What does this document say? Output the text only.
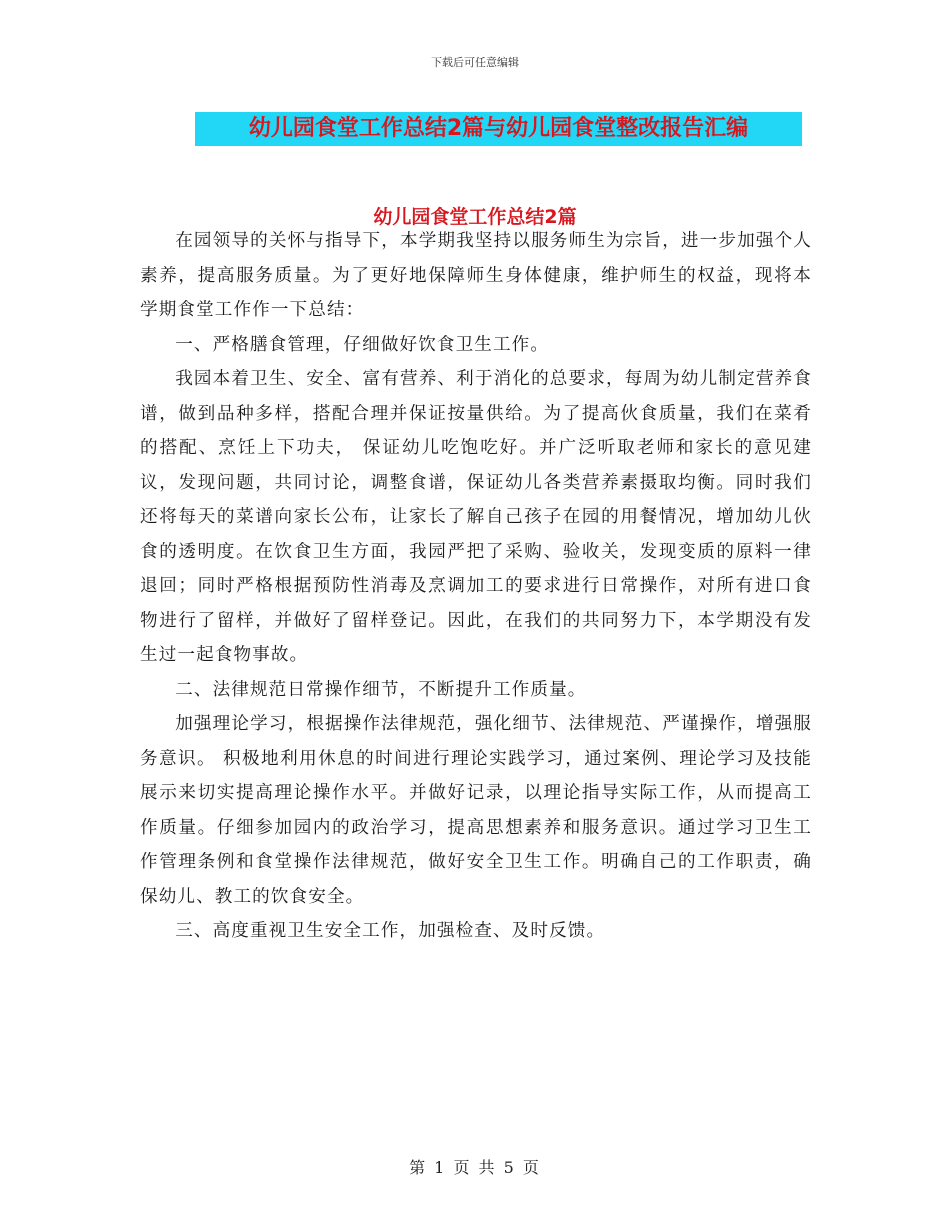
下载后可任意编辑
幼儿园食堂工作总结2篇与幼儿园食堂整改报告汇编
幼儿园食堂工作总结2篇

在园领导的关怀与指导下，本学期我坚持以服务师生为宗旨，进一步加强个人素养，提高服务质量。为了更好地保障师生身体健康，维护师生的权益，现将本学期食堂工作作一下总结：

一、严格膳食管理，仔细做好饮食卫生工作。

我园本着卫生、安全、富有营养、利于消化的总要求，每周为幼儿制定营养食谱，做到品种多样，搭配合理并保证按量供给。为了提高伙食质量，我们在菜肴的搭配、烹饪上下功夫， 保证幼儿吃饱吃好。并广泛听取老师和家长的意见建议，发现问题，共同讨论，调整食谱，保证幼儿各类营养素摄取均衡。同时我们还将每天的菜谱向家长公布，让家长了解自己孩子在园的用餐情况，增加幼儿伙食的透明度。在饮食卫生方面，我园严把了采购、验收关，发现变质的原料一律退回；同时严格根据预防性消毒及烹调加工的要求进行日常操作，对所有进口食物进行了留样，并做好了留样登记。因此，在我们的共同努力下，本学期没有发生过一起食物事故。

二、法律规范日常操作细节，不断提升工作质量。

加强理论学习，根据操作法律规范，强化细节、法律规范、严谨操作，增强服务意识。 积极地利用休息的时间进行理论实践学习，通过案例、理论学习及技能展示来切实提高理论操作水平。并做好记录，以理论指导实际工作，从而提高工作质量。仔细参加园内的政治学习，提高思想素养和服务意识。通过学习卫生工作管理条例和食堂操作法律规范，做好安全卫生工作。明确自己的工作职责，确保幼儿、教工的饮食安全。

三、高度重视卫生安全工作，加强检查、及时反馈。

第 1 页 共 5 页
